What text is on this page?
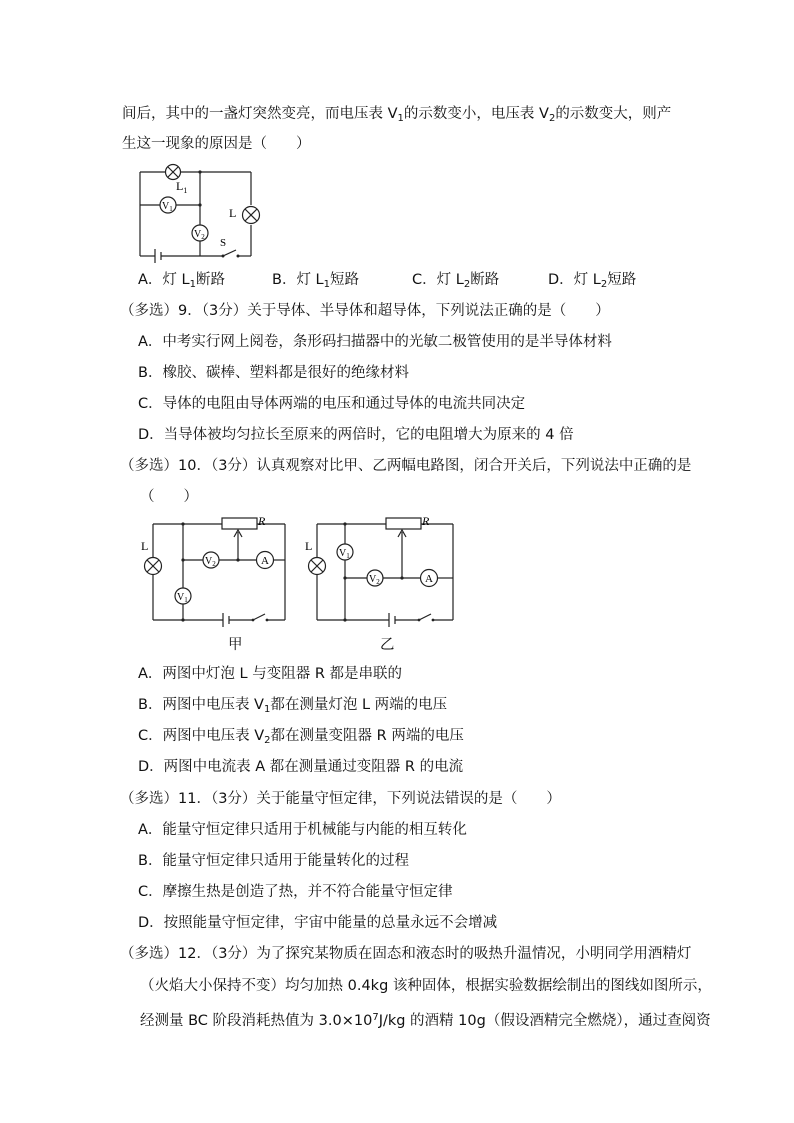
间后，其中的一盏灯突然变亮，而电压表 $V_1$的示数变小，电压表 $V_2$的示数变大，则产
生这一现象的原因是（　　）
$L_1$
L
$V_1$
$V_2$ S
A．灯 $L_1$断路	B．灯 $L_1$短路	C．灯 $L_2$断路	D．灯 $L_2$短路
（多选）9．（3分）关于导体、半导体和超导体，下列说法正确的是（　　）
A．中考实行网上阅卷，条形码扫描器中的光敏二极管使用的是半导体材料
B．橡胶、碳棒、塑料都是很好的绝缘材料
C．导体的电阻由导体两端的电压和通过导体的电流共同决定
D．当导体被均匀拉长至原来的两倍时，它的电阻增大为原来的 4 倍
（多选）10．（3分）认真观察对比甲、乙两幅电路图，闭合开关后，下列说法中正确的是
（　　）
R
L
$V_2$
$V_1$
A
甲
R
L
$V_1$
$V_2$	A
乙
A．两图中灯泡 L 与变阻器 R 都是串联的
B．两图中电压表 $V_1$都在测量灯泡 L 两端的电压
C．两图中电压表 $V_2$都在测量变阻器 R 两端的电压
D．两图中电流表 A 都在测量通过变阻器 R 的电流
（多选）11．（3分）关于能量守恒定律，下列说法错误的是（　　）
A．能量守恒定律只适用于机械能与内能的相互转化
B．能量守恒定律只适用于能量转化的过程
C．摩擦生热是创造了热，并不符合能量守恒定律
D．按照能量守恒定律，宇宙中能量的总量永远不会增减
（多选）12．（3分）为了探究某物质在固态和液态时的吸热升温情况，小明同学用酒精灯
（火焰大小保持不变）均匀加热 0.4kg 该种固体，根据实验数据绘制出的图线如图所示，
经测量 BC 阶段消耗热值为 $3.0\times 10^7J/kg$ 的酒精 10g（假设酒精完全燃烧），通过查阅资
